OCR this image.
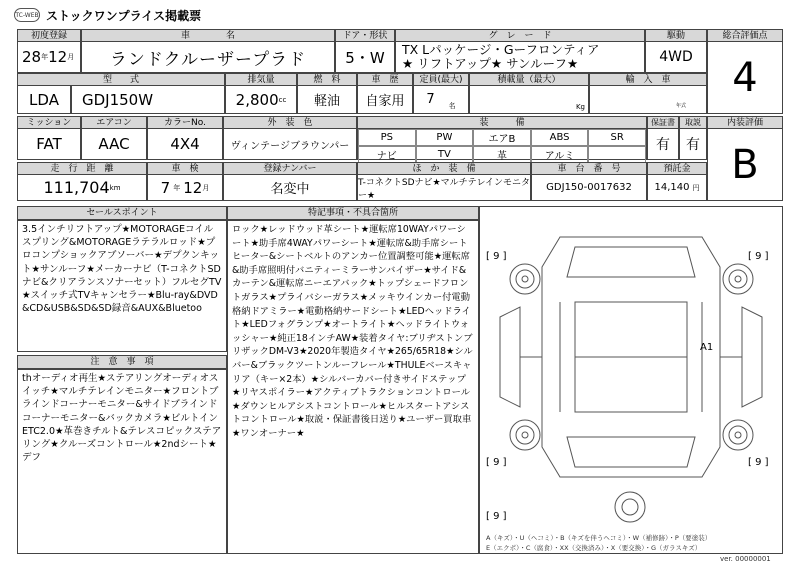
TC-WEB ストックワンプライス掲載票
初度登録	車　　　　名	ドア・形状	グ　レ　ー　ド	駆動	総合評価点
28 年 12 月	ランドクルーザープラド	5・W	TX Lパッケージ・Gーフロンティア
★ リフトアップ★ サンルーフ★	4WD 4
型　　式	排気量	燃　料	車　歴	定員(最大)	積載量（最大）	輸　入　車
LDA	GDJ150W	2,800 cc	軽油	自家用	7 名	Kg	年式
ミッション	エアコン	カラーNo.	外　装　色	装　　　備	保証書	取説	内装評価
FAT	AAC	4X4	ヴィンテージブラウンパー
PS	PW	エアB	ABS	SR
ナビ	TV	革	アルミ
有	有 B
走　行　距　離	車　検	登録ナンバー	ほ　か　装　備	車　台　番　号	預託金
111,704 km	7 年 12 月	名変中	T-コネクトSDナビ★マルチテレインモニター★
GDJ150-0017632	14,140 円
セールスポイント
3.5インチリフトアップ★MOTORAGEコイルスプリング&MOTORAGEラテラルロッド★プロコンプショックアブソーバー★デプクンキット★サンルーフ★メーカーナビ（T-コネクトSDナビ&クリアランスソナーセット）フルセグTV★スイッチ式TVキャンセラー★Blu-ray&DVD&CD&USB&SD&SD録音&AUX&Bluetoo
注　意　事　項
thオーディオ再生★ステアリングオーディオスイッチ★マルチテレインモニター★フロントブラインドコーナーモニター&サイドブラインドコーナーモニター&バックカメラ★ビルトインETC2.0★革巻きチルト&テレスコピックステアリング★クルーズコントロール★2ndシート★デフ
特記事項・不具合箇所
ロック★レッドウッド革シート★運転席10WAYパワーシート★助手席4WAYパワーシート★運転席&助手席シートヒーター&シートベルトのアンカー位置調整可能★運転席&助手席照明付バニティーミラーサンバイザー★サイド&カーテン&運転席ニーエアバック★トップシェードフロントガラス★プライバシーガラス★メッキウインカー付電動格納ドアミラー★電動格納サードシート★LEDヘッドライト★LEDフォグランプ★オートライト★ヘッドライトウォッシャー★純正18インチAW★装着タイヤ:ブリヂストンブリザックDM-V3★2020年製造タイヤ★265/65R18★シルバー&ブラックツートンルーフレール★THULEベースキャリア（キー×2本）★シルバーカバー付きサイドステップ★リヤスポイラー★アクティブトラクションコントロール★ダウンヒルアシストコントロール★ヒルスタートアシストコントロール★取説・保証書後日送り★ユーザー買取車★ワンオーナー★
[ 9 ]	[ 9 ]
[ 9 ]	[ 9 ]
[ 9 ]
A1
A（キズ）・U（ヘコミ）・B（キズを伴うヘコミ）・W（補修跡）・P（要塗装）
E（エクボ）・C（腐食）・XX（交換済み）・X（要交換）・G（ガラスキズ）
ver. 00000001
